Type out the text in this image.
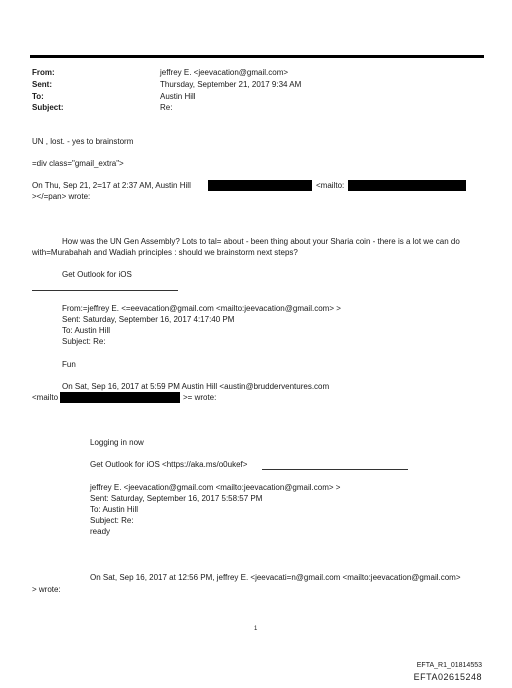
From:	jeffrey E. <jeevacation@gmail.com>
Sent:	Thursday, September 21, 2017 9:34 AM
To:	Austin Hill
Subject:	Re:
UN , lost. - yes to brainstorm
=div class="gmail_extra">
On Thu, Sep 21, 2=17 at 2:37 AM, Austin Hill	<mailto:
></=pan> wrote:
How was the UN Gen Assembly? Lots to tal= about - been thing about your Sharia coin - there is a lot we can do
with=Murabahah and Wadiah principles : should we brainstorm next steps?
Get Outlook for iOS
From:=jeffrey E. <=eevacation@gmail.com <mailto:jeevacation@gmail.com> >
Sent: Saturday, September 16, 2017 4:17:40 PM
To: Austin Hill
Subject: Re:
Fun
On Sat, Sep 16, 2017 at 5:59 PM Austin Hill <austin@brudderventures.com
<mailto	>= wrote:
Logging in now
Get Outlook for iOS <https://aka.ms/o0ukef>
jeffrey E. <jeevacation@gmail.com <mailto:jeevacation@gmail.com> >
Sent: Saturday, September 16, 2017 5:58:57 PM
To: Austin Hill
Subject: Re:
ready
On Sat, Sep 16, 2017 at 12:56 PM, jeffrey E. <jeevacati=n@gmail.com <mailto:jeevacation@gmail.com>
> wrote:
1
EFTA_R1_01814553
EFTA02615248
